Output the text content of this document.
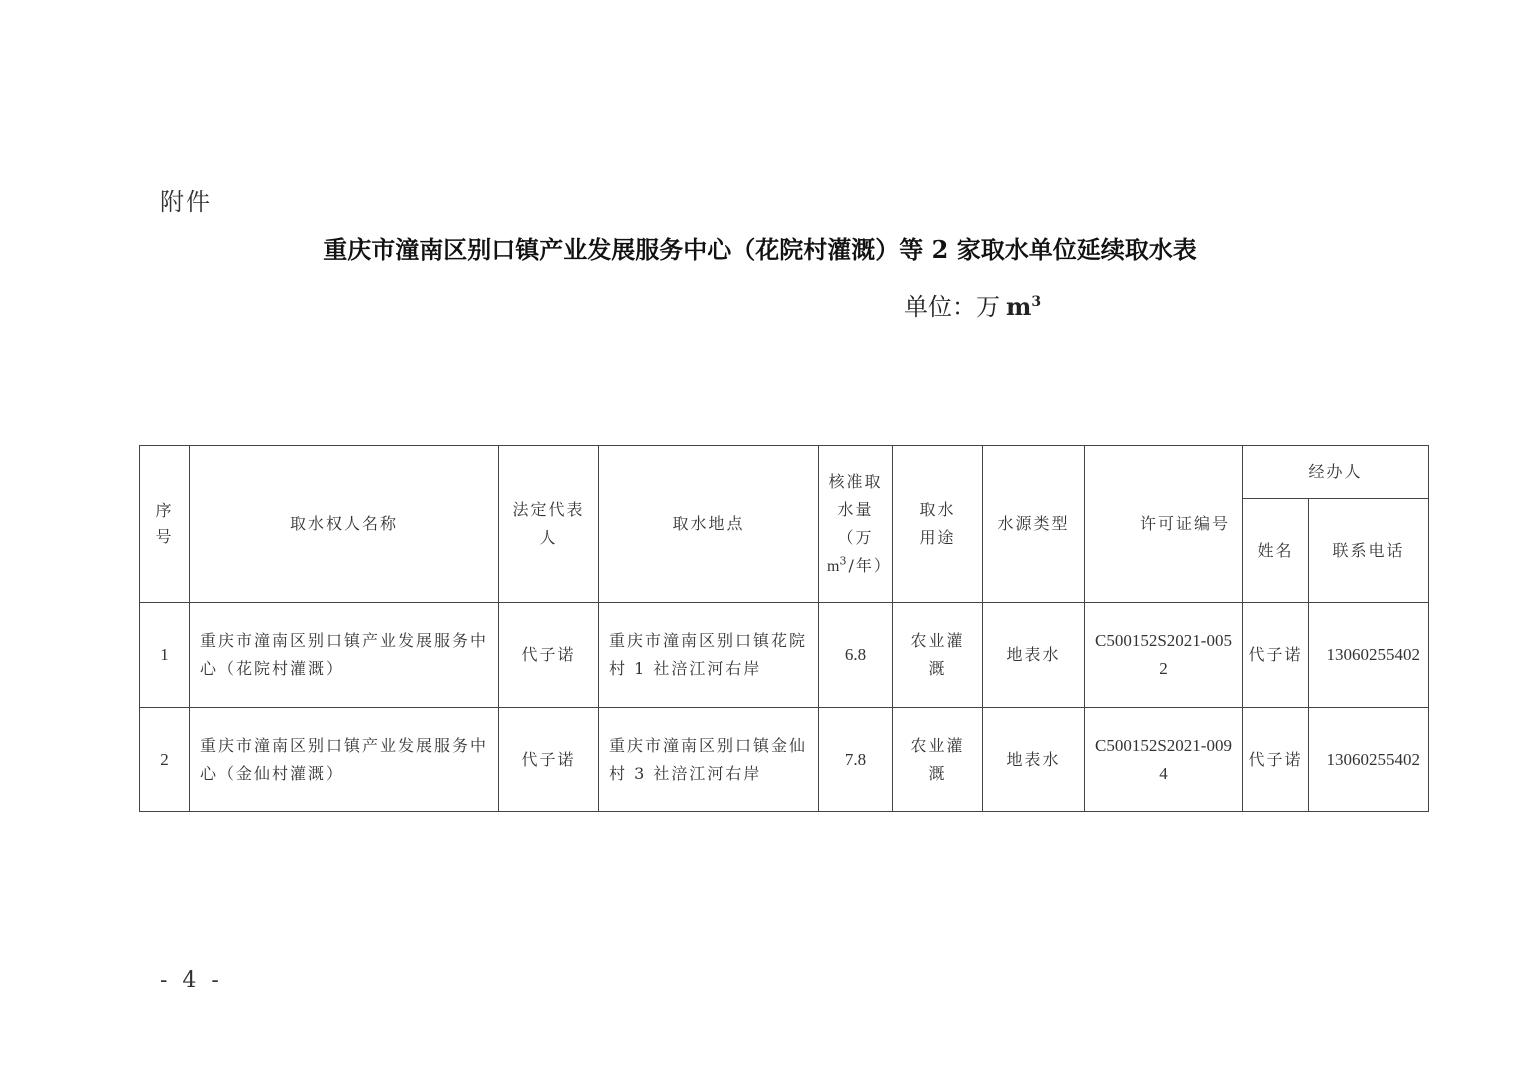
附件
重庆市潼南区别口镇产业发展服务中心（花院村灌溉）等 2 家取水单位延续取水表
单位：万 $m^3$
序号	取水权人名称	法定代表人	取水地点	核准取水量（万$m^3/$年）	取水用途	水源类型	许可证编号	经办人	
								姓名	联系电话
1	重庆市潼南区别口镇产业发展服务中心（花院村灌溉）	代子诺	重庆市潼南区别口镇花院村 1 社涪江河右岸	6.8	农业灌溉	地表水	C500152S2021-0052	代子诺	13060255402
2	重庆市潼南区别口镇产业发展服务中心（金仙村灌溉）	代子诺	重庆市潼南区别口镇金仙村 3 社涪江河右岸	7.8	农业灌溉	地表水	C500152S2021-0094	代子诺	13060255402
- 4 -
